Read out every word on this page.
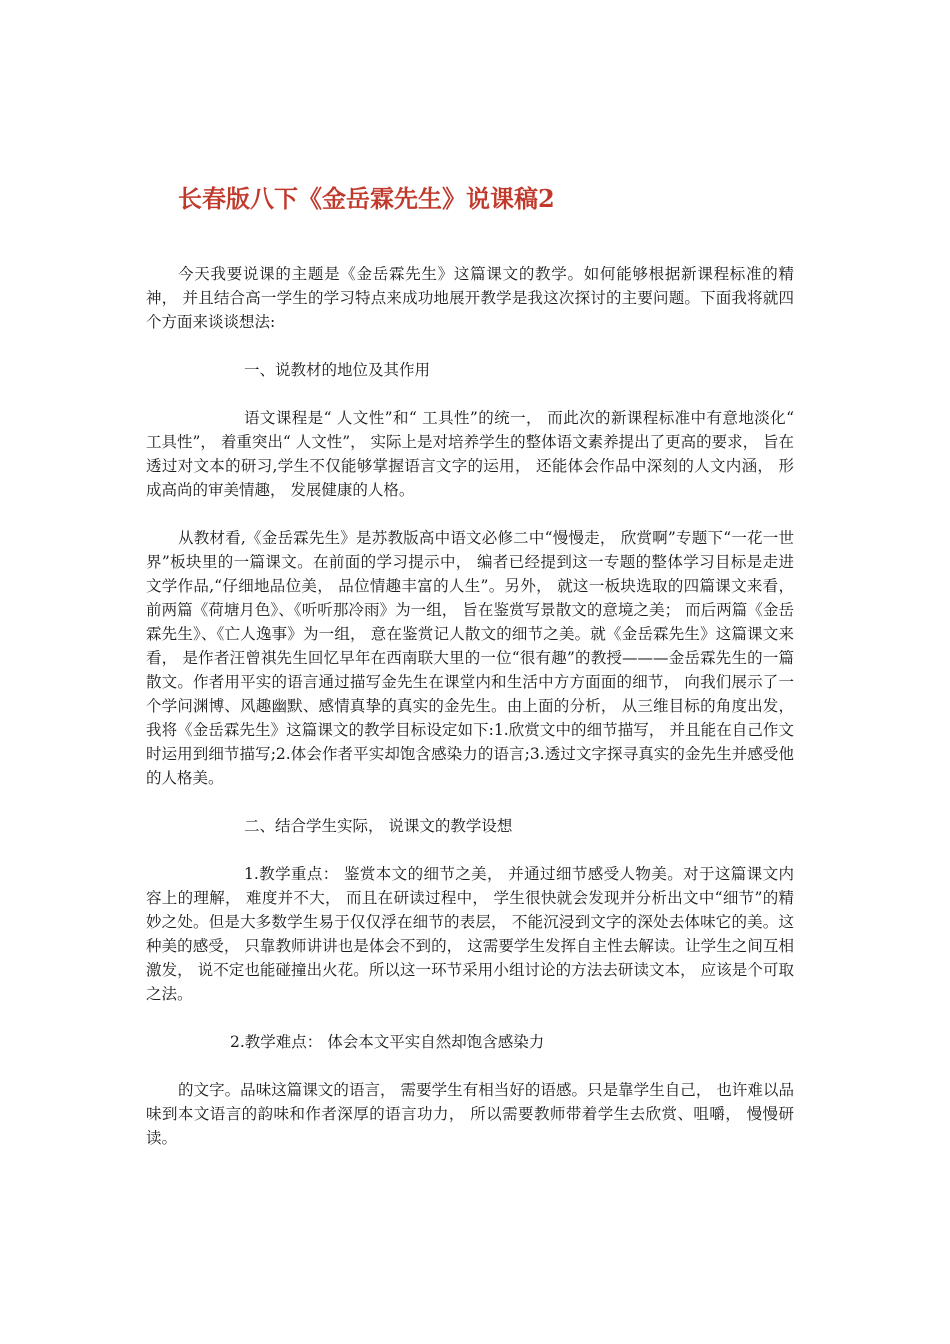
长春版八下《金岳霖先生》说课稿2

今天我要说课的主题是《金岳霖先生》这篇课文的教学。如何能够根据新课程标准的精神， 并且结合高一学生的学习特点来成功地展开教学是我这次探讨的主要问题。下面我将就四个方面来谈谈想法:

一、说教材的地位及其作用

语文课程是“ 人文性”和“ 工具性”的统一， 而此次的新课程标准中有意地淡化“ 工具性”， 着重突出“ 人文性”， 实际上是对培养学生的整体语文素养提出了更高的要求， 旨在透过对文本的研习,学生不仅能够掌握语言文字的运用， 还能体会作品中深刻的人文内涵， 形成高尚的审美情趣， 发展健康的人格。

从教材看,《金岳霖先生》是苏教版高中语文必修二中“慢慢走， 欣赏啊”专题下“一花一世界”板块里的一篇课文。在前面的学习提示中， 编者已经提到这一专题的整体学习目标是走进文学作品,“仔细地品位美， 品位情趣丰富的人生”。另外， 就这一板块选取的四篇课文来看， 前两篇《荷塘月色》、《听听那冷雨》为一组， 旨在鉴赏写景散文的意境之美； 而后两篇《金岳霖先生》、《亡人逸事》为一组， 意在鉴赏记人散文的细节之美。就《金岳霖先生》这篇课文来看， 是作者汪曾祺先生回忆早年在西南联大里的一位“很有趣”的教授———金岳霖先生的一篇散文。作者用平实的语言通过描写金先生在课堂内和生活中方方面面的细节， 向我们展示了一个学问渊博、风趣幽默、感情真挚的真实的金先生。由上面的分析， 从三维目标的角度出发， 我将《金岳霖先生》这篇课文的教学目标设定如下:1.欣赏文中的细节描写， 并且能在自己作文时运用到细节描写;2.体会作者平实却饱含感染力的语言;3.透过文字探寻真实的金先生并感受他的人格美。

二、结合学生实际， 说课文的教学设想

1.教学重点： 鉴赏本文的细节之美， 并通过细节感受人物美。对于这篇课文内容上的理解， 难度并不大， 而且在研读过程中， 学生很快就会发现并分析出文中“细节”的精妙之处。但是大多数学生易于仅仅浮在细节的表层， 不能沉浸到文字的深处去体味它的美。这种美的感受， 只靠教师讲讲也是体会不到的， 这需要学生发挥自主性去解读。让学生之间互相激发， 说不定也能碰撞出火花。所以这一环节采用小组讨论的方法去研读文本， 应该是个可取之法。

2.教学难点： 体会本文平实自然却饱含感染力

的文字。品味这篇课文的语言， 需要学生有相当好的语感。只是靠学生自己， 也许难以品味到本文语言的韵味和作者深厚的语言功力， 所以需要教师带着学生去欣赏、咀嚼， 慢慢研读。
